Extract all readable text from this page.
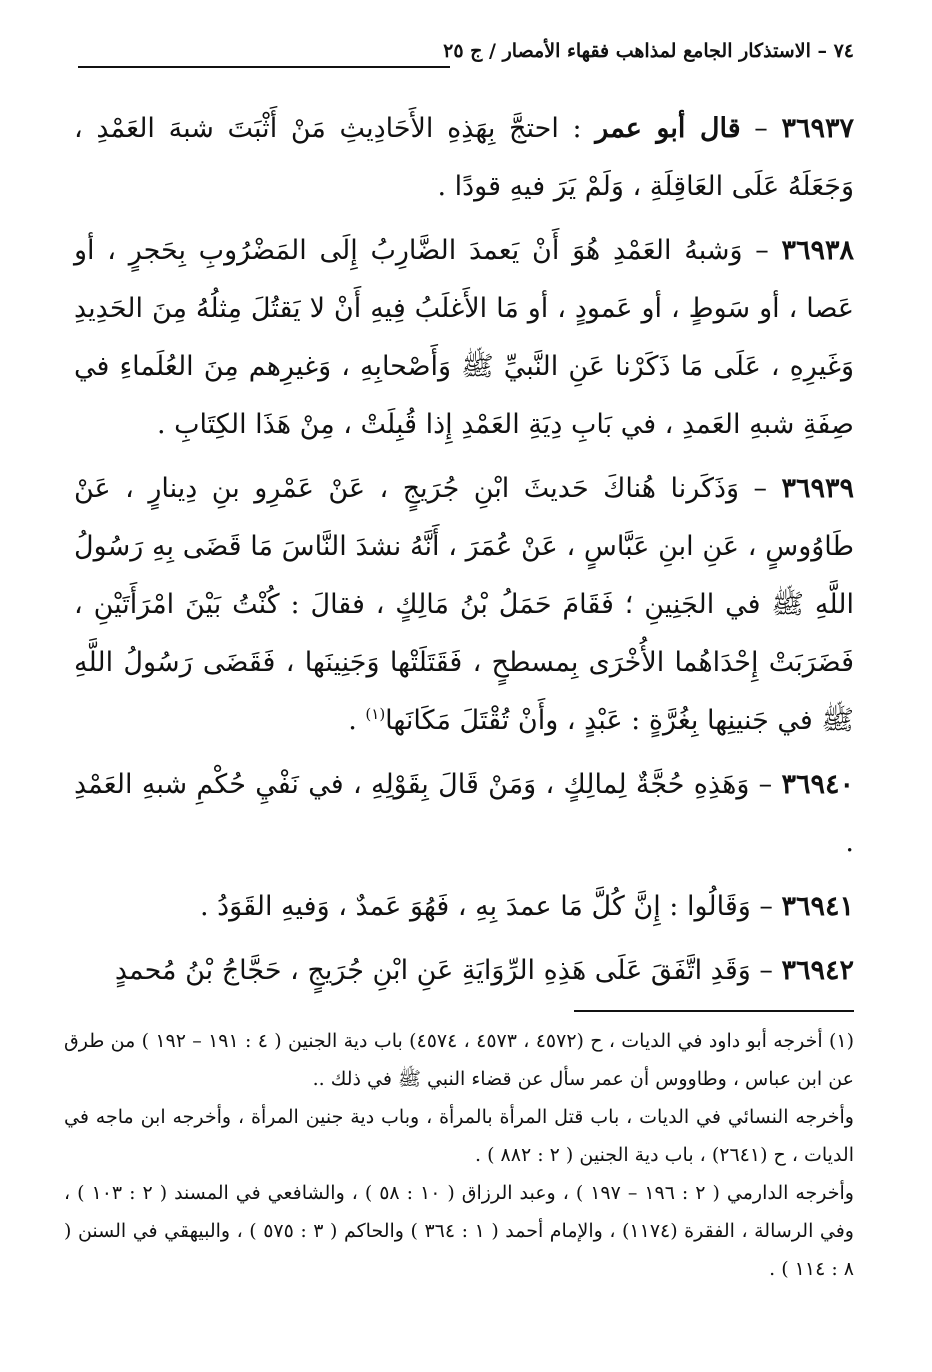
٧٤ – الاستذكار الجامع لمذاهب فقهاء الأمصار / ج ٢٥

٣٦٩٣٧ – قال أبو عمر : احتجَّ بِهَذِهِ الأَحَادِيثِ مَنْ أَثْبَتَ شبهَ العَمْدِ ، وَجَعَلَهُ عَلَى العَاقِلَةِ ، وَلَمْ يَرَ فيهِ قودًا .

٣٦٩٣٨ – وَشبهُ العَمْدِ هُوَ أَنْ يَعمدَ الضَّارِبُ إِلَى المَضْرُوبِ بِحَجرٍ ، أو عَصا ، أو سَوطٍ ، أو عَمودٍ ، أو مَا الأَغلَبُ فِيهِ أَنْ لا يَقتُلَ مِثلُهُ مِنَ الحَدِيدِ وَغَيرِهِ ، عَلَى مَا ذَكَرْنا عَنِ النَّبيِّ ﷺ وَأَصْحابِهِ ، وَغيرِهم مِنَ العُلَماءِ في صِفَةِ شبهِ العَمدِ ، في بَابِ دِيَةِ العَمْدِ إِذا قُبِلَتْ ، مِنْ هَذَا الكِتَابِ .

٣٦٩٣٩ – وَذَكَرنا هُناكَ حَديثَ ابْنِ جُرَيجٍ ، عَنْ عَمْرِو بنِ دِينارٍ ، عَنْ طَاوُوسٍ ، عَنِ ابنِ عَبَّاسٍ ، عَنْ عُمَرَ ، أَنَّهُ نشدَ النَّاسَ مَا قَضَى بِهِ رَسُولُ اللَّهِ ﷺ في الجَنِينِ ؛ فَقَامَ حَمَلُ بْنُ مَالِكٍ ، فقالَ : كُنْتُ بَيْنَ امْرَأَتَيْنِ ، فَضَرَبَتْ إِحْدَاهُما الأُخْرَى بِمسطحٍ ، فَقَتَلَتْها وَجَنِينَها ، فَقَضَى رَسُولُ اللَّهِ ﷺ في جَنينِها بِغُرَّةٍ : عَبْدٍ ، وأَنْ تُقْتَلَ مَكَانَها$^{(١)}$ .

٣٦٩٤٠ – وَهَذِهِ حُجَّةٌ لِمالِكٍ ، وَمَنْ قَالَ بِقَوْلِهِ ، في نَفْيِ حُكْمِ شبهِ العَمْدِ .

٣٦٩٤١ – وَقَالُوا : إِنَّ كُلَّ مَا عمدَ بِهِ ، فَهُوَ عَمدٌ ، وَفيهِ القَوَدُ .

٣٦٩٤٢ – وَقَدِ اتَّفَقَ عَلَى هَذِهِ الرِّوَايَةِ عَنِ ابْنِ جُرَيجٍ ، حَجَّاجُ بْنُ مُحمدٍ

(١) أخرجه أبو داود في الديات ، ح (٤٥٧٢ ، ٤٥٧٣ ، ٤٥٧٤) باب دية الجنين ( ٤ : ١٩١ – ١٩٢ ) من طرق عن ابن عباس ، وطاووس أن عمر سأل عن قضاء النبي ﷺ في ذلك ..

وأخرجه النسائي في الديات ، باب قتل المرأة بالمرأة ، وباب دية جنين المرأة ، وأخرجه ابن ماجه في الديات ، ح (٢٦٤١) ، باب دية الجنين ( ٢ : ٨٨٢ ) .

وأخرجه الدارمي ( ٢ : ١٩٦ – ١٩٧ ) ، وعبد الرزاق ( ١٠ : ٥٨ ) ، والشافعي في المسند ( ٢ : ١٠٣ ) ، وفي الرسالة ، الفقرة (١١٧٤) ، والإمام أحمد ( ١ : ٣٦٤ ) والحاكم ( ٣ : ٥٧٥ ) ، والبيهقي في السنن ( ٨ : ١١٤ ) .
